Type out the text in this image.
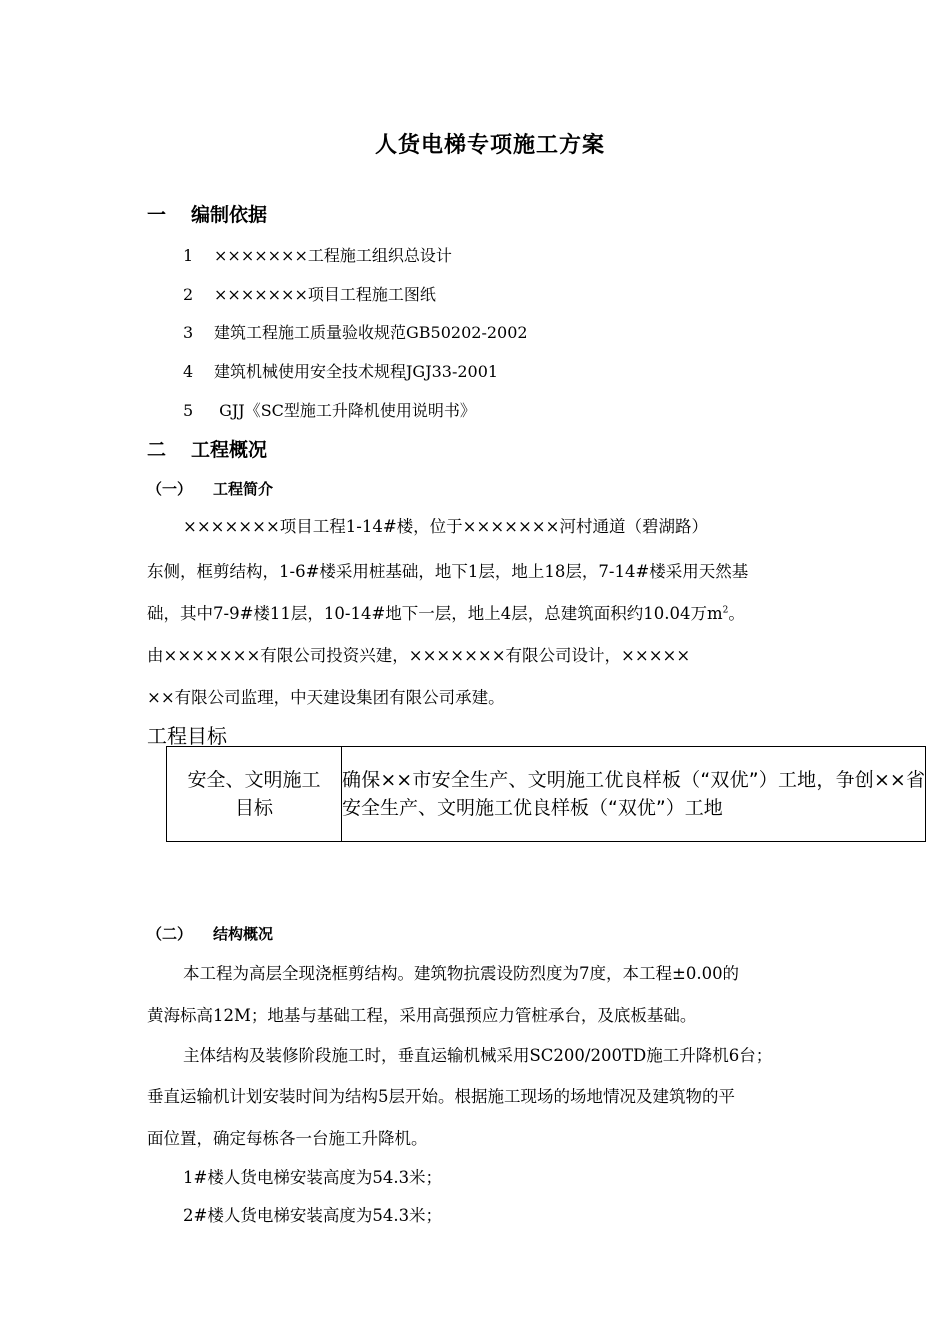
人货电梯专项施工方案
一 编制依据
1 ×××××××工程施工组织总设计
2 ×××××××项目工程施工图纸
3 建筑工程施工质量验收规范GB50202-2002
4 建筑机械使用安全技术规程JGJ33-2001
5 GJJ《SC型施工升降机使用说明书》
二 工程概况
（一） 工程简介
×××××××项目工程1-14#楼，位于×××××××河村通道（碧湖路）
东侧，框剪结构，1-6#楼采用桩基础，地下1层，地上18层，7-14#楼采用天然基
础，其中7-9#楼11层，10-14#地下一层，地上4层，总建筑面积约10.04万$m^2$。
由×××××××有限公司投资兴建，×××××××有限公司设计，×××××
××有限公司监理，中天建设集团有限公司承建。
工程目标
安全、文明施工
目标
	确保××市安全生产、文明施工优良样板（“双优”）工地，争创××省安全生产、文明施工优良样板（“双优”）工地
（二） 结构概况
本工程为高层全现浇框剪结构。建筑物抗震设防烈度为7度，本工程±0.00的
黄海标高12M；地基与基础工程，采用高强预应力管桩承台，及底板基础。
主体结构及装修阶段施工时，垂直运输机械采用SC200/200TD施工升降机6台；
垂直运输机计划安装时间为结构5层开始。根据施工现场的场地情况及建筑物的平
面位置，确定每栋各一台施工升降机。
1#楼人货电梯安装高度为54.3米；
2#楼人货电梯安装高度为54.3米；
